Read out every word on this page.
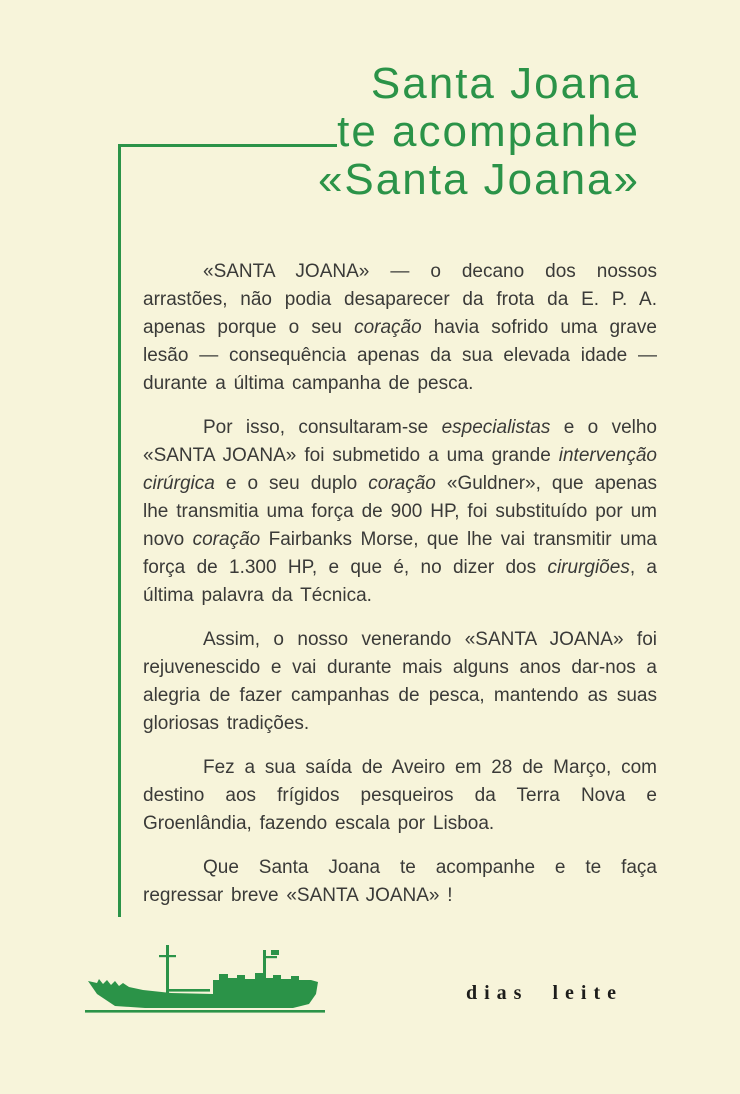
Santa Joana
te acompanhe
«Santa Joana»

«SANTA JOANA» — o decano dos nossos arrastões, não podia desaparecer da frota da E. P. A. apenas porque o seu coração havia sofrido uma grave lesão — consequência apenas da sua elevada idade — durante a última campanha de pesca.

Por isso, consultaram-se especialistas e o velho «SANTA JOANA» foi submetido a uma grande intervenção cirúrgica e o seu duplo coração «Guldner», que apenas lhe transmitia uma força de 900 HP, foi substituído por um novo coração Fairbanks Morse, que lhe vai transmitir uma força de 1.300 HP, e que é, no dizer dos cirurgiões, a última palavra da Técnica.

Assim, o nosso venerando «SANTA JOANA» foi rejuvenescido e vai durante mais alguns anos dar-nos a alegria de fazer campanhas de pesca, mantendo as suas gloriosas tradições.

Fez a sua saída de Aveiro em 28 de Março, com destino aos frígidos pesqueiros da Terra Nova e Groenlândia, fazendo escala por Lisboa.

Que Santa Joana te acompanhe e te faça regressar breve «SANTA JOANA» !

dias leite
